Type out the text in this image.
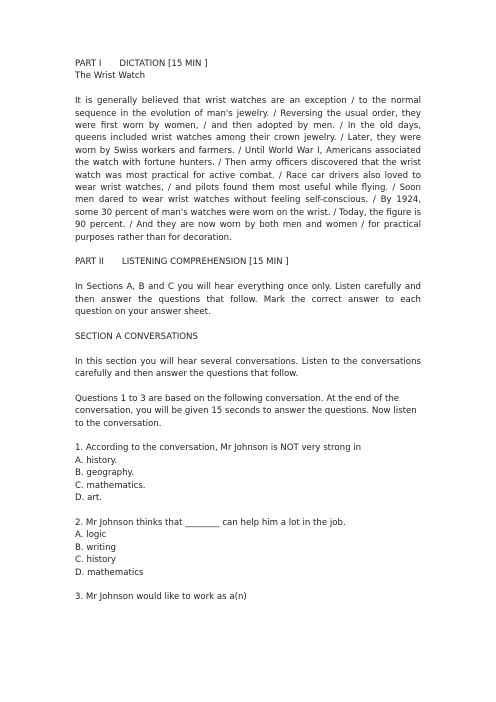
PART I DICTATION [15 MIN ]

The Wrist Watch

It is generally believed that wrist watches are an exception / to the normal sequence in the evolution of man's jewelry. / Reversing the usual order, they were first worn by women, / and then adopted by men. / In the old days, queens included wrist watches among their crown jewelry. / Later, they were worn by Swiss workers and farmers. / Until World War I, Americans associated the watch with fortune hunters. / Then army officers discovered that the wrist watch was most practical for active combat. / Race car drivers also loved to wear wrist watches, / and pilots found them most useful while flying. / Soon men dared to wear wrist watches without feeling self-conscious. / By 1924, some 30 percent of man's watches were worn on the wrist. / Today, the figure is 90 percent. / And they are now worn by both men and women / for practical purposes rather than for decoration.

PART II LISTENING COMPREHENSION [15 MIN ]

In Sections A, B and C you will hear everything once only. Listen carefully and then answer the questions that follow. Mark the correct answer to each question on your answer sheet.

SECTION A CONVERSATIONS

In this section you will hear several conversations. Listen to the conversations carefully and then answer the questions that follow.

Questions 1 to 3 are based on the following conversation. At the end of the conversation, you will be given 15 seconds to answer the questions. Now listen to the conversation.

1. According to the conversation, Mr Johnson is NOT very strong in

A. history.

B. geography.

C. mathematics.

D. art.

2. Mr Johnson thinks that ________ can help him a lot in the job.

A. logic

B. writing

C. history

D. mathematics

3. Mr Johnson would like to work as a(n)
